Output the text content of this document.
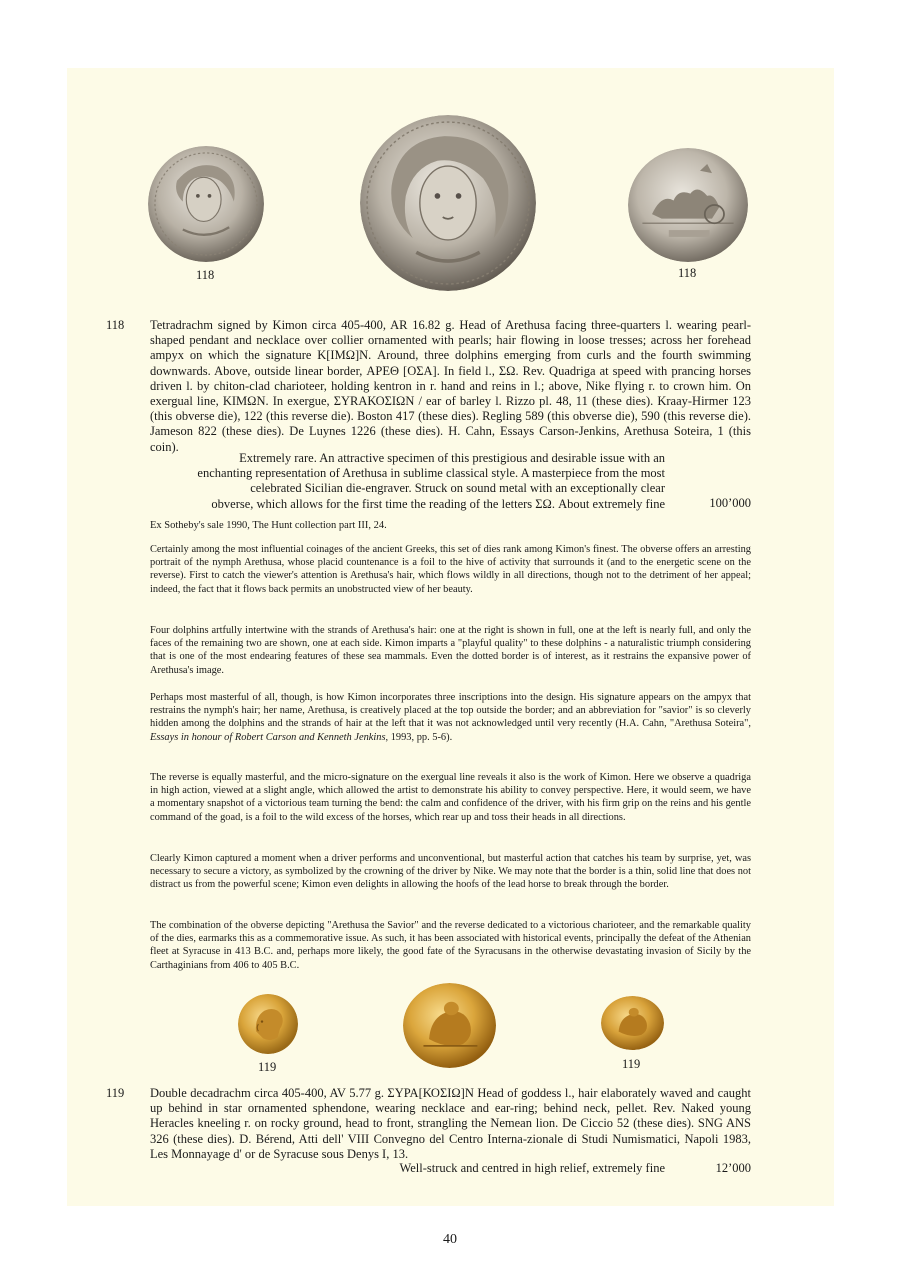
118	118
118 Tetradrachm signed by Kimon circa 405-400, AR 16.82 g. Head of Arethusa facing three-quarters l. wearing pearl-shaped pendant and necklace over collier ornamented with pearls; hair flowing in loose tresses; across her forehead ampyx on which the signature Κ[ΙΜΩ]Ν. Around, three dolphins emerging from curls and the fourth swimming downwards. Above, outside linear border, ΑΡΕΘ [ΟΣΑ]. In field l., ΣΩ. Rev. Quadriga at speed with prancing horses driven l. by chiton-clad charioteer, holding kentron in r. hand and reins in l.; above, Nike flying r. to crown him. On exergual line, ΚΙΜΩΝ. In exergue, ΣΥRΑΚΟΣΙΩΝ / ear of barley l. Rizzo pl. 48, 11 (these dies). Kraay-Hirmer 123 (this obverse die), 122 (this reverse die). Boston 417 (these dies). Regling 589 (this obverse die), 590 (this reverse die). Jameson 822 (these dies). De Luynes 1226 (these dies). H. Cahn, Essays Carson-Jenkins, Arethusa Soteira, 1 (this coin).
Extremely rare. An attractive specimen of this prestigious and desirable issue with an
enchanting representation of Arethusa in sublime classical style. A masterpiece from the most
celebrated Sicilian die-engraver. Struck on sound metal with an exceptionally clear
obverse, which allows for the first time the reading of the letters ΣΩ. About extremely fine	100’000
Ex Sotheby's sale 1990, The Hunt collection part III, 24.
Certainly among the most influential coinages of the ancient Greeks, this set of dies rank among Kimon's finest. The obverse offers an arresting portrait of the nymph Arethusa, whose placid countenance is a foil to the hive of activity that surrounds it (and to the energetic scene on the reverse). First to catch the viewer's attention is Arethusa's hair, which flows wildly in all directions, though not to the detriment of her appeal; indeed, the fact that it flows back permits an unobstructed view of her beauty.
Four dolphins artfully intertwine with the strands of Arethusa's hair: one at the right is shown in full, one at the left is nearly full, and only the faces of the remaining two are shown, one at each side. Kimon imparts a "playful quality" to these dolphins - a naturalistic triumph considering that is one of the most endearing features of these sea mammals. Even the dotted border is of interest, as it restrains the expansive power of Arethusa's image.
Perhaps most masterful of all, though, is how Kimon incorporates three inscriptions into the design. His signature appears on the ampyx that restrains the nymph's hair; her name, Arethusa, is creatively placed at the top outside the border; and an abbreviation for "savior" is so cleverly hidden among the dolphins and the strands of hair at the left that it was not acknowledged until very recently (H.A. Cahn, "Arethusa Soteira", Essays in honour of Robert Carson and Kenneth Jenkins, 1993, pp. 5-6).
The reverse is equally masterful, and the micro-signature on the exergual line reveals it also is the work of Kimon. Here we observe a quadriga in high action, viewed at a slight angle, which allowed the artist to demonstrate his ability to convey perspective. Here, it would seem, we have a momentary snapshot of a victorious team turning the bend: the calm and confidence of the driver, with his firm grip on the reins and his gentle command of the goad, is a foil to the wild excess of the horses, which rear up and toss their heads in all directions.
Clearly Kimon captured a moment when a driver performs and unconventional, but masterful action that catches his team by surprise, yet, was necessary to secure a victory, as symbolized by the crowning of the driver by Nike. We may note that the border is a thin, solid line that does not distract us from the powerful scene; Kimon even delights in allowing the hoofs of the lead horse to break through the border.
The combination of the obverse depicting "Arethusa the Savior" and the reverse dedicated to a victorious charioteer, and the remarkable quality of the dies, earmarks this as a commemorative issue. As such, it has been associated with historical events, principally the defeat of the Athenian fleet at Syracuse in 413 B.C. and, perhaps more likely, the good fate of the Syracusans in the otherwise devastating invasion of Sicily by the Carthaginians from 406 to 405 B.C.
119	119
119 Double decadrachm circa 405-400, AV 5.77 g. ΣΥΡΑ[ΚΟΣΙΩ]Ν Head of goddess l., hair elaborately waved and caught up behind in star ornamented sphendone, wearing necklace and ear-ring; behind neck, pellet. Rev. Naked young Heracles kneeling r. on rocky ground, head to front, strangling the Nemean lion. De Ciccio 52 (these dies). SNG ANS 326 (these dies). D. Bérend, Atti dell' VIII Convegno del Centro Interna-zionale di Studi Numismatici, Napoli 1983, Les Monnayage d' or de Syracuse sous Denys I, 13.
Well-struck and centred in high relief, extremely fine	12’000
40
